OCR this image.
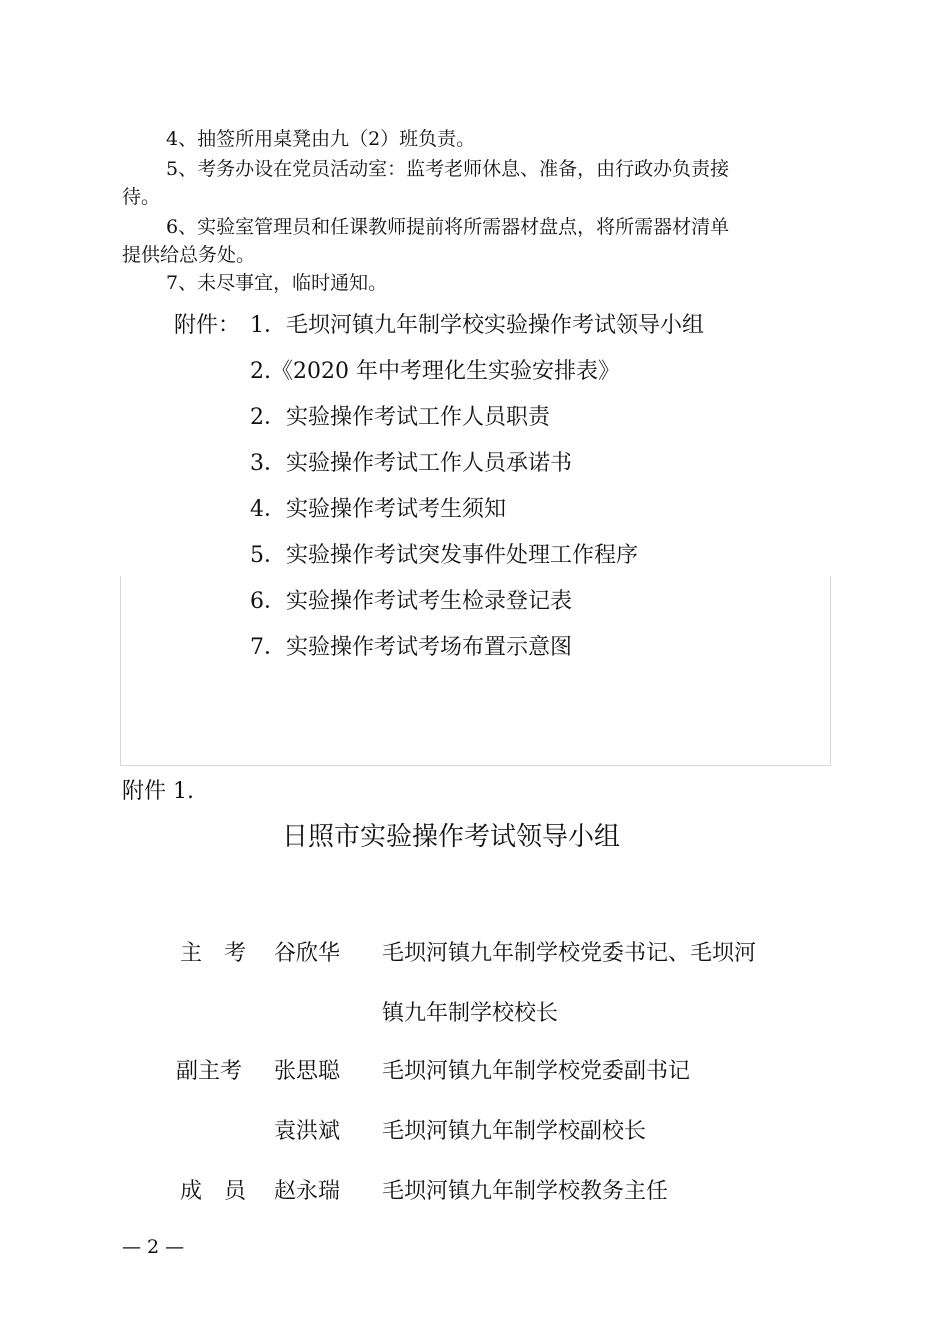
4、抽签所用桌凳由九（2）班负责。
5、考务办设在党员活动室：监考老师休息、准备，由行政办负责接
待。
6、实验室管理员和任课教师提前将所需器材盘点，将所需器材清单
提供给总务处。
7、未尽事宜，临时通知。
附件： 1．毛坝河镇九年制学校实验操作考试领导小组
2.《2020 年中考理化生实验安排表》
2．实验操作考试工作人员职责
3．实验操作考试工作人员承诺书
4．实验操作考试考生须知
5．实验操作考试突发事件处理工作程序
6．实验操作考试考生检录登记表
7．实验操作考试考场布置示意图
附件 1.
日照市实验操作考试领导小组
主　考 谷欣华 毛坝河镇九年制学校党委书记、毛坝河
镇九年制学校校长
副主考 张思聪 毛坝河镇九年制学校党委副书记
袁洪斌 毛坝河镇九年制学校副校长
成　员 赵永瑞 毛坝河镇九年制学校教务主任
— 2 —
